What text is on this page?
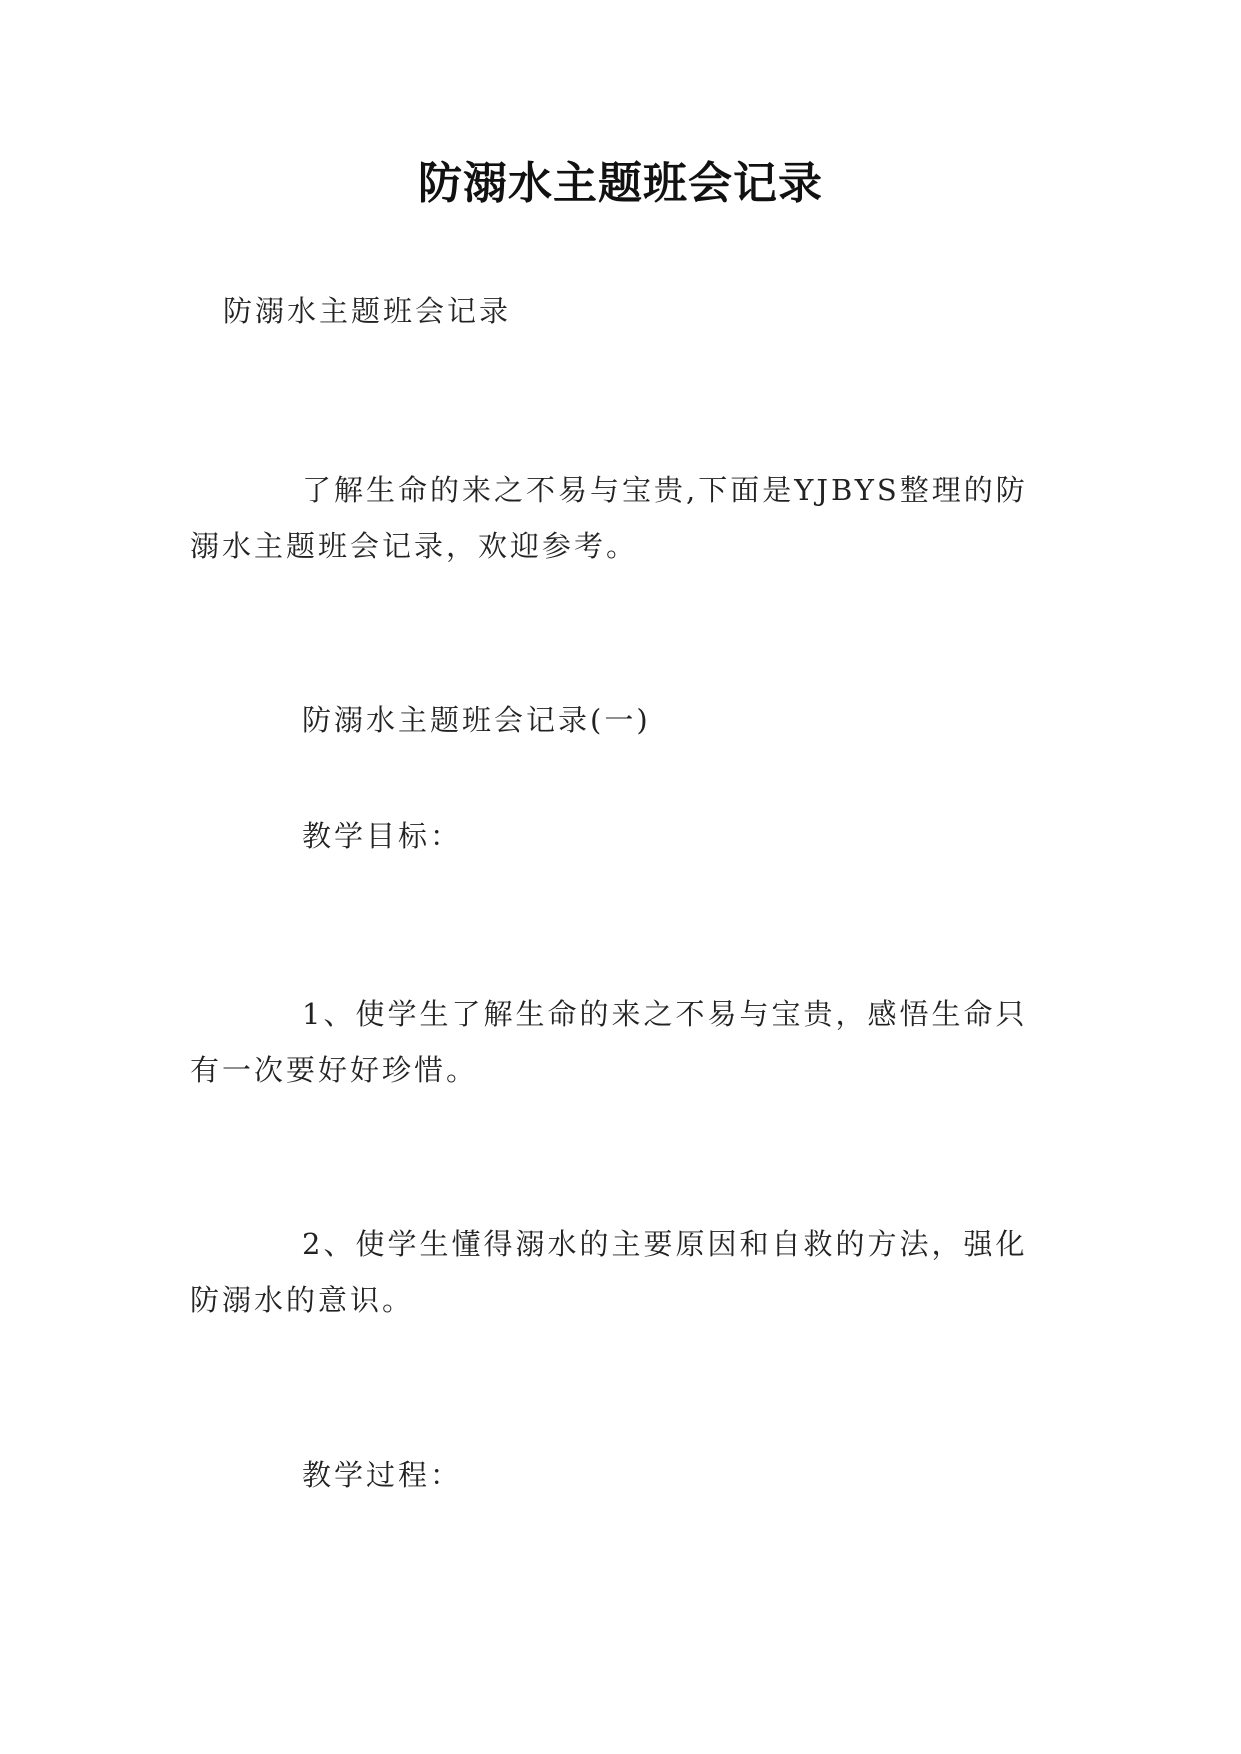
防溺水主题班会记录
防溺水主题班会记录

了解生命的来之不易与宝贵,下面是YJBYS整理的防溺水主题班会记录，欢迎参考。

防溺水主题班会记录(一)
教学目标：

1、使学生了解生命的来之不易与宝贵，感悟生命只有一次要好好珍惜。

2、使学生懂得溺水的主要原因和自救的方法，强化防溺水的意识。

教学过程：
